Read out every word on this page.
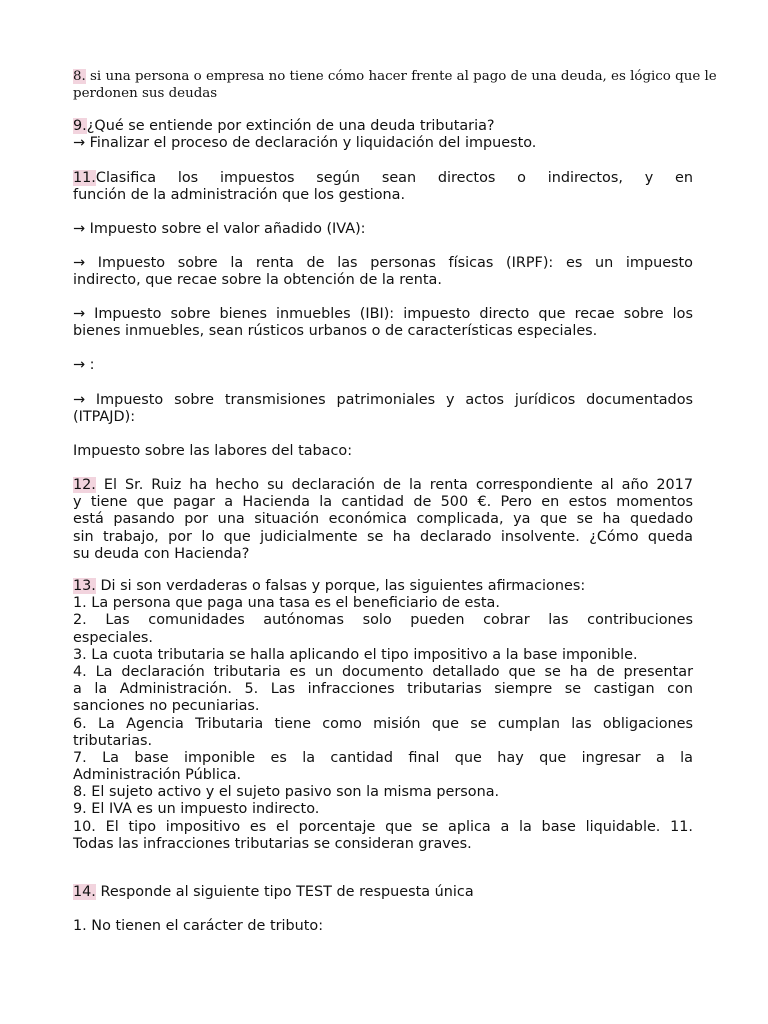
8. si una persona o empresa no tiene cómo hacer frente al pago de una deuda, es lógico que le
perdonen sus deudas
9.¿Qué se entiende por extinción de una deuda tributaria?
→ Finalizar el proceso de declaración y liquidación del impuesto.
11.Clasifica los impuestos según sean directos o indirectos, y en
función de la administración que los gestiona.
→ Impuesto sobre el valor añadido (IVA):
→ Impuesto sobre la renta de las personas físicas (IRPF): es un impuesto
indirecto, que recae sobre la obtención de la renta.
→ Impuesto sobre bienes inmuebles (IBI): impuesto directo que recae sobre los
bienes inmuebles, sean rústicos urbanos o de características especiales.
→ :
→ Impuesto sobre transmisiones patrimoniales y actos jurídicos documentados
(ITPAJD):
Impuesto sobre las labores del tabaco:
12. El Sr. Ruiz ha hecho su declaración de la renta correspondiente al año 2017
y tiene que pagar a Hacienda la cantidad de 500 €. Pero en estos momentos
está pasando por una situación económica complicada, ya que se ha quedado
sin trabajo, por lo que judicialmente se ha declarado insolvente. ¿Cómo queda
su deuda con Hacienda?
13. Di si son verdaderas o falsas y porque, las siguientes afirmaciones:
1. La persona que paga una tasa es el beneficiario de esta.
2. Las comunidades autónomas solo pueden cobrar las contribuciones
especiales.
3. La cuota tributaria se halla aplicando el tipo impositivo a la base imponible.
4. La declaración tributaria es un documento detallado que se ha de presentar
a la Administración. 5. Las infracciones tributarias siempre se castigan con
sanciones no pecuniarias.
6. La Agencia Tributaria tiene como misión que se cumplan las obligaciones
tributarias.
7. La base imponible es la cantidad final que hay que ingresar a la
Administración Pública.
8. El sujeto activo y el sujeto pasivo son la misma persona.
9. El IVA es un impuesto indirecto.
10. El tipo impositivo es el porcentaje que se aplica a la base liquidable. 11.
Todas las infracciones tributarias se consideran graves.
14. Responde al siguiente tipo TEST de respuesta única
1. No tienen el carácter de tributo:
